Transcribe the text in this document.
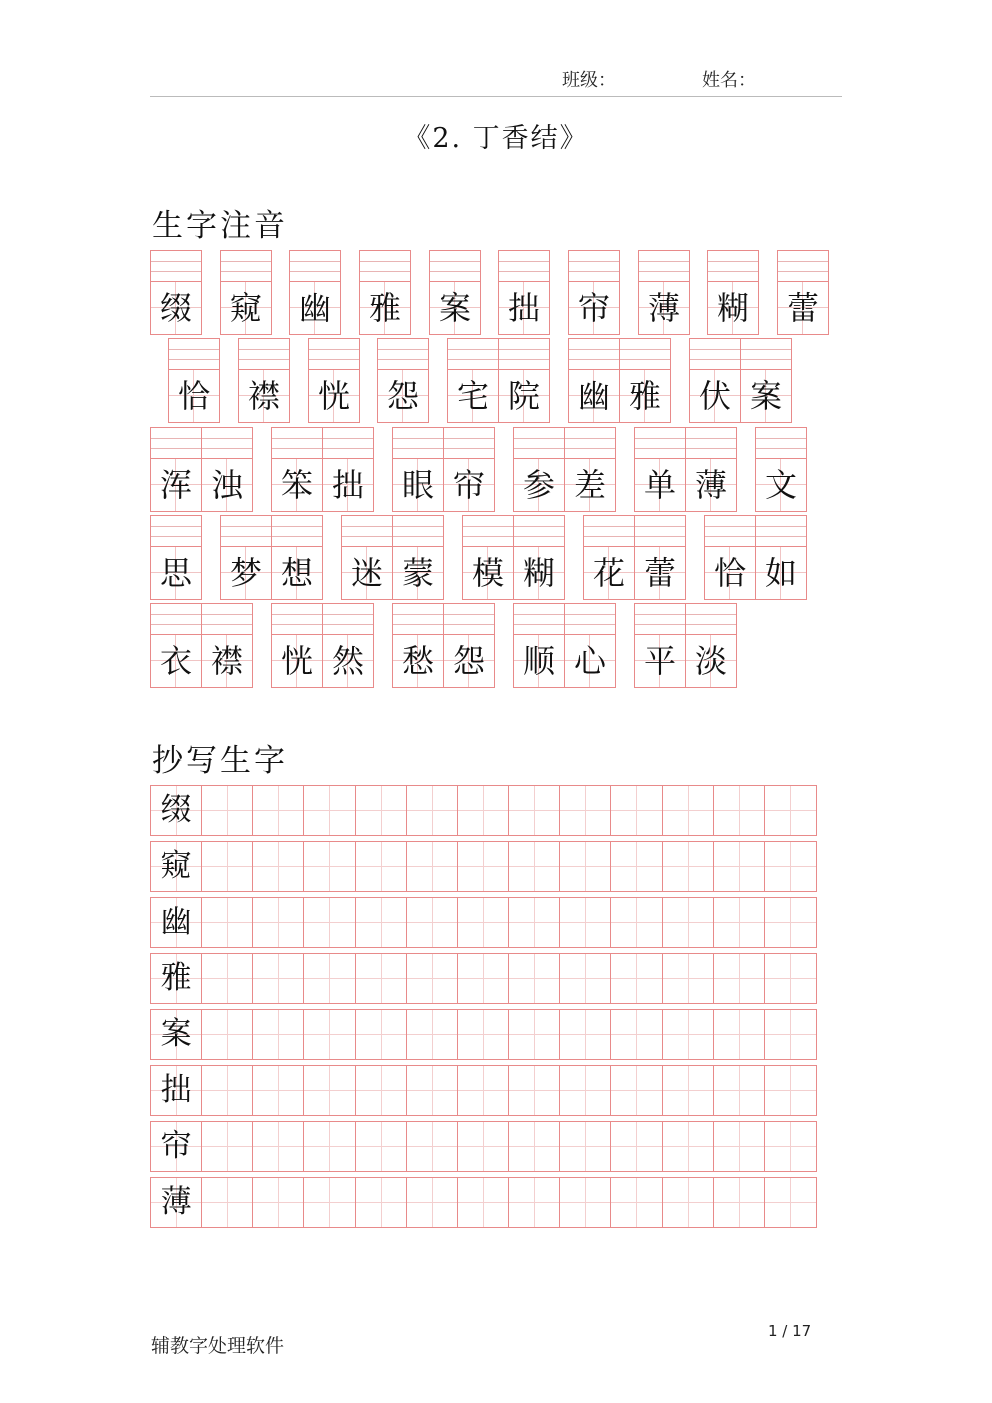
班级：	姓名：
《2. 丁香结》
生字注音
缀	窥	幽	雅	案	拙	帘	薄	糊	蕾
恰	襟	恍	怨	宅 院	幽 雅	伏 案
浑 浊	笨 拙	眼 帘	参 差	单 薄	文
思	梦 想	迷 蒙	模 糊	花 蕾	恰 如
衣 襟	恍 然	愁 怨	顺 心	平 淡
抄写生字
缀
窥
幽
雅
案
拙
帘
薄
辅教字处理软件
1 / 17
